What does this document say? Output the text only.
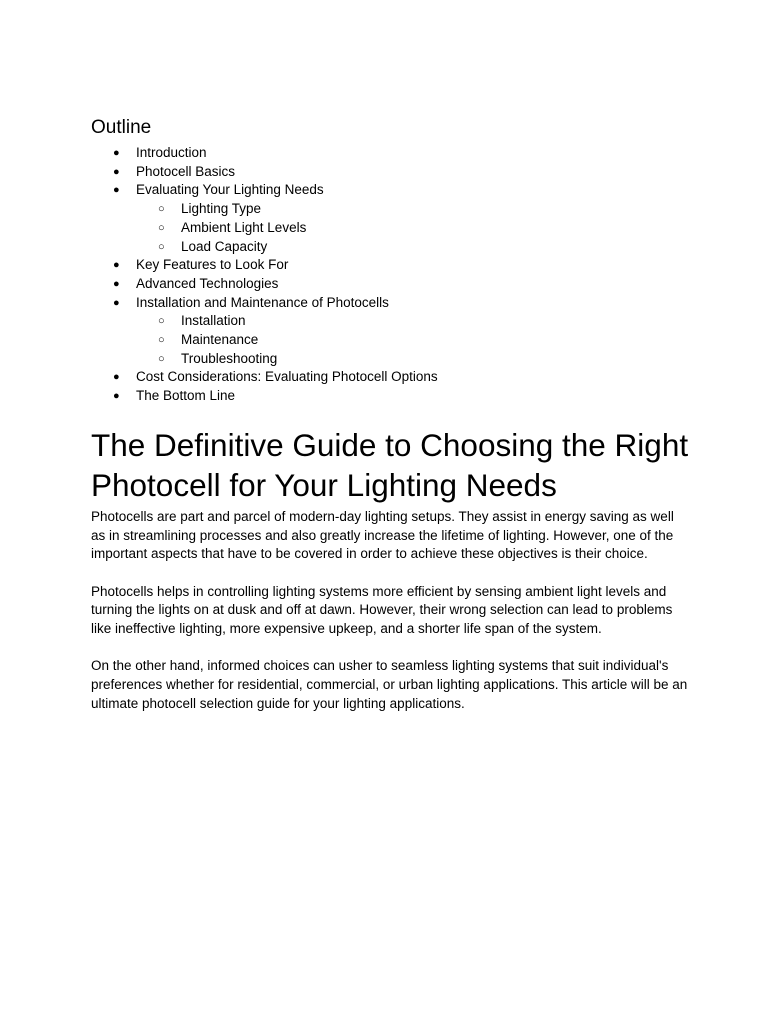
Outline
● Introduction
● Photocell Basics
● Evaluating Your Lighting Needs
○ Lighting Type
○ Ambient Light Levels
○ Load Capacity
● Key Features to Look For
● Advanced Technologies
● Installation and Maintenance of Photocells
○ Installation
○ Maintenance
○ Troubleshooting
● Cost Considerations: Evaluating Photocell Options
● The Bottom Line
The Definitive Guide to Choosing the Right Photocell for Your Lighting Needs

Photocells are part and parcel of modern-day lighting setups. They assist in energy saving as well as in streamlining processes and also greatly increase the lifetime of lighting. However, one of the important aspects that have to be covered in order to achieve these objectives is their choice.

Photocells helps in controlling lighting systems more efficient by sensing ambient light levels and turning the lights on at dusk and off at dawn. However, their wrong selection can lead to problems like ineffective lighting, more expensive upkeep, and a shorter life span of the system.

On the other hand, informed choices can usher to seamless lighting systems that suit individual's preferences whether for residential, commercial, or urban lighting applications. This article will be an ultimate photocell selection guide for your lighting applications.
